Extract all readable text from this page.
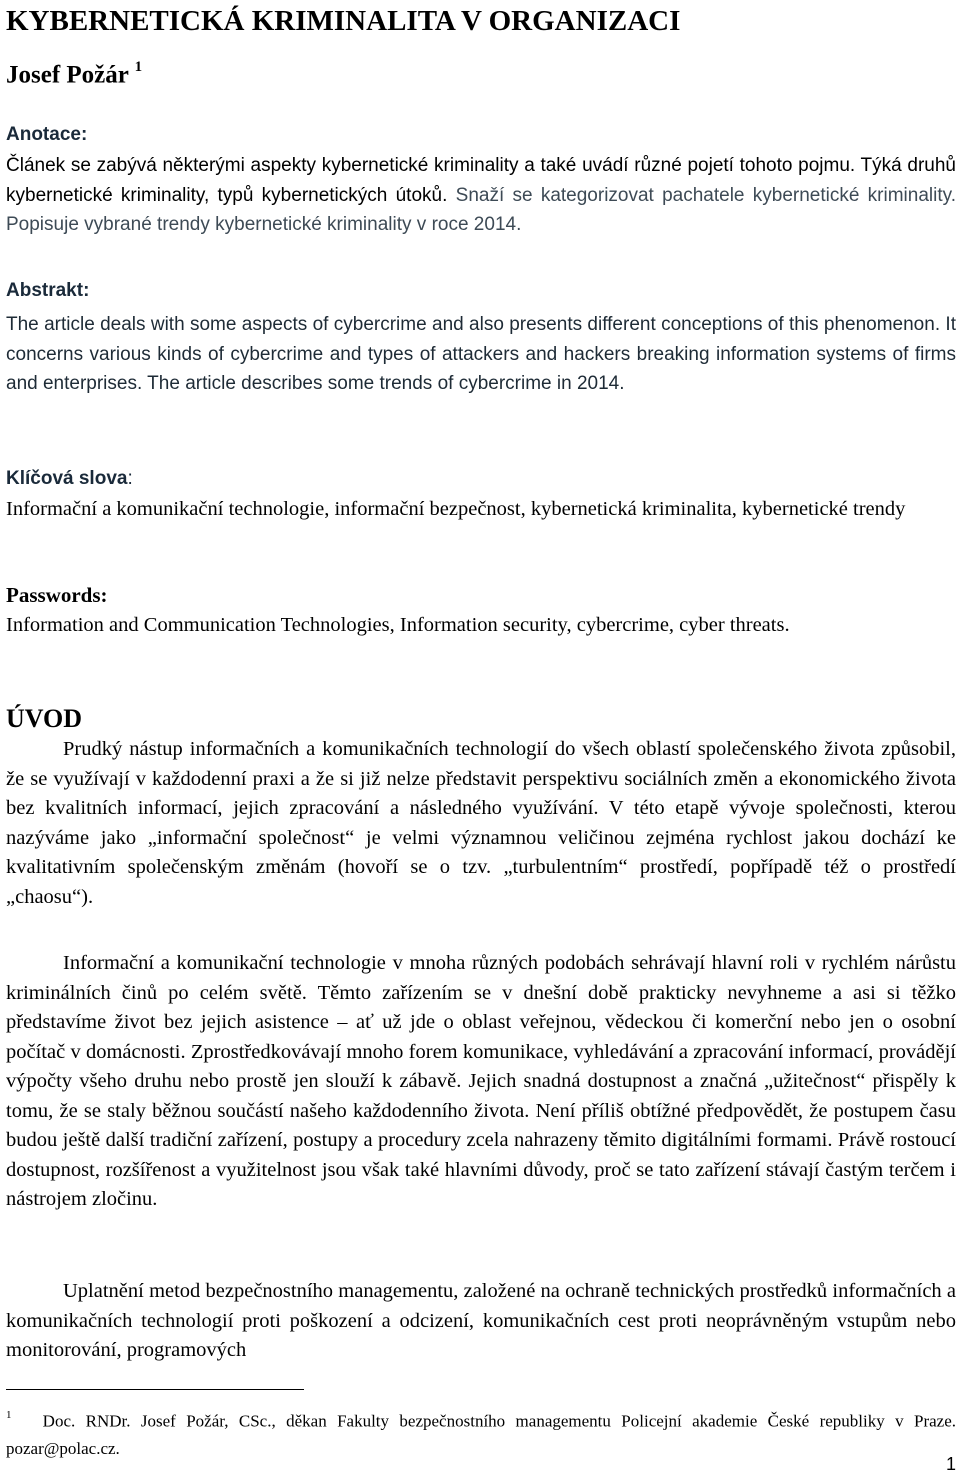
KYBERNETICKÁ KRIMINALITA V ORGANIZACI
Josef Požár $^1$
Anotace:

Článek se zabývá některými aspekty kybernetické kriminality a také uvádí různé pojetí tohoto pojmu. Týká druhů kybernetické kriminality, typů kybernetických útoků. Snaží se kategorizovat pachatele kybernetické kriminality. Popisuje vybrané trendy kybernetické kriminality v roce 2014.

Abstrakt:

The article deals with some aspects of cybercrime and also presents different conceptions of this phenomenon. It concerns various kinds of cybercrime and types of attackers and hackers breaking information systems of firms and enterprises. The article describes some trends of cybercrime in 2014.

Klíčová slova:

Informační a komunikační technologie, informační bezpečnost, kybernetická kriminalita, kybernetické trendy

Passwords:

Information and Communication Technologies, Information security, cybercrime, cyber threats.

ÚVOD

Prudký nástup informačních a komunikačních technologií do všech oblastí společenského života způsobil, že se využívají v každodenní praxi a že si již nelze představit perspektivu sociálních změn a ekonomického života bez kvalitních informací, jejich zpracování a následného využívání. V této etapě vývoje společnosti, kterou nazýváme jako „informační společnost“ je velmi významnou veličinou zejména rychlost jakou dochází ke kvalitativním společenským změnám (hovoří se o tzv. „turbulentním“ prostředí, popřípadě též o prostředí „chaosu“).

Informační a komunikační technologie v mnoha různých podobách sehrávají hlavní roli v rychlém nárůstu kriminálních činů po celém světě. Těmto zařízením se v dnešní době prakticky nevyhneme a asi si těžko představíme život bez jejich asistence – ať už jde o oblast veřejnou, vědeckou či komerční nebo jen o osobní počítač v domácnosti. Zprostředkovávají mnoho forem komunikace, vyhledávání a zpracování informací, provádějí výpočty všeho druhu nebo prostě jen slouží k zábavě. Jejich snadná dostupnost a značná „užitečnost“ přispěly k tomu, že se staly běžnou součástí našeho každodenního života. Není příliš obtížné předpovědět, že postupem času budou ještě další tradiční zařízení, postupy a procedury zcela nahrazeny těmito digitálními formami. Právě rostoucí dostupnost, rozšířenost a využitelnost jsou však také hlavními důvody, proč se tato zařízení stávají častým terčem i nástrojem zločinu.

Uplatnění metod bezpečnostního managementu, založené na ochraně technických prostředků informačních a komunikačních technologií proti poškození a odcizení, komunikačních cest proti neoprávněným vstupům nebo monitorování, programových

$^1$ Doc. RNDr. Josef Požár, CSc., děkan Fakulty bezpečnostního managementu Policejní akademie České republiky v Praze. pozar@polac.cz.
1
